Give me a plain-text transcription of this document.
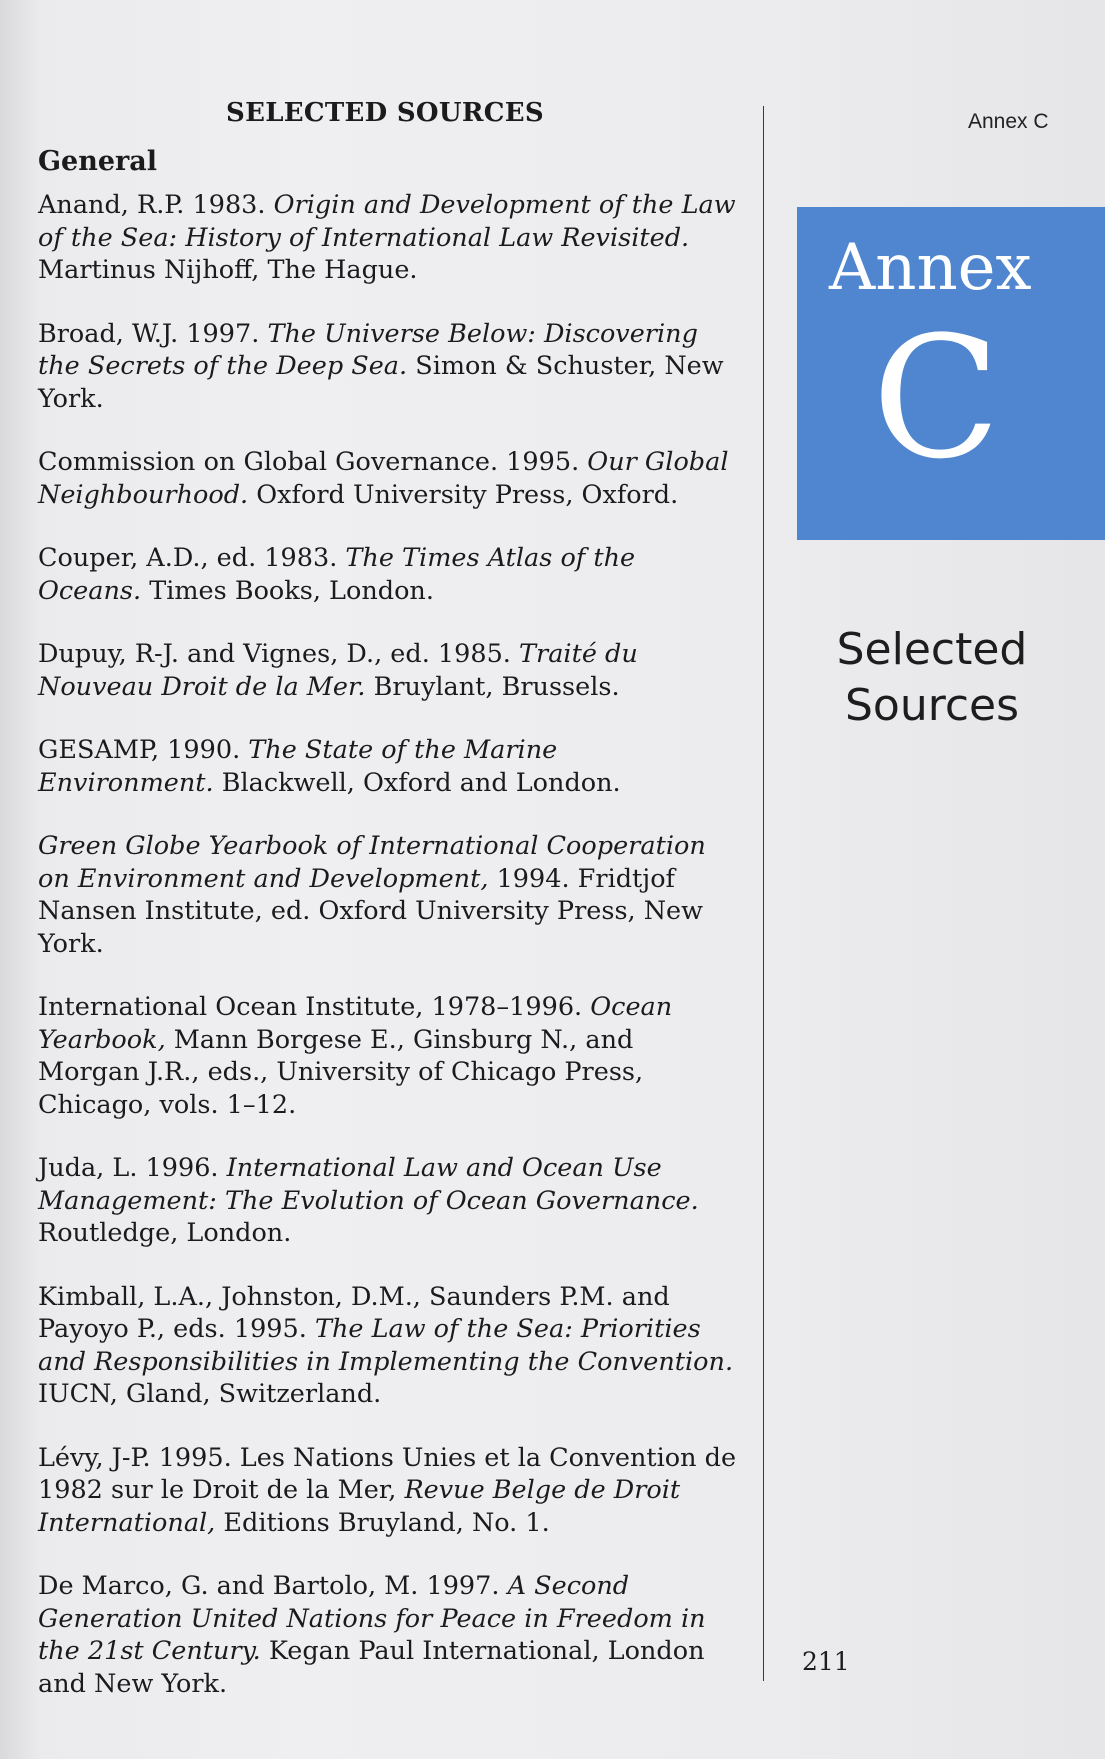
SELECTED SOURCES
General
Anand, R.P. 1983. Origin and Development of the Law of the Sea: History of International Law Revisited. Martinus Nijhoff, The Hague.
Broad, W.J. 1997. The Universe Below: Discovering the Secrets of the Deep Sea. Simon & Schuster, New York.
Commission on Global Governance. 1995. Our Global Neighbourhood. Oxford University Press, Oxford.
Couper, A.D., ed. 1983. The Times Atlas of the Oceans. Times Books, London.
Dupuy, R-J. and Vignes, D., ed. 1985. Traité du Nouveau Droit de la Mer. Bruylant, Brussels.
GESAMP, 1990. The State of the Marine Environment. Blackwell, Oxford and London.
Green Globe Yearbook of International Cooperation on Environment and Development, 1994. Fridtjof Nansen Institute, ed. Oxford University Press, New York.
International Ocean Institute, 1978–1996. Ocean Yearbook, Mann Borgese E., Ginsburg N., and Morgan J.R., eds., University of Chicago Press, Chicago, vols. 1–12.
Juda, L. 1996. International Law and Ocean Use Management: The Evolution of Ocean Governance. Routledge, London.
Kimball, L.A., Johnston, D.M., Saunders P.M. and Payoyo P., eds. 1995. The Law of the Sea: Priorities and Responsibilities in Implementing the Convention. IUCN, Gland, Switzerland.
Lévy, J-P. 1995. Les Nations Unies et la Convention de 1982 sur le Droit de la Mer, Revue Belge de Droit International, Editions Bruyland, No. 1.
De Marco, G. and Bartolo, M. 1997. A Second Generation United Nations for Peace in Freedom in the 21st Century. Kegan Paul International, London and New York.
Annex C
Annex
C
Selected
Sources
211
